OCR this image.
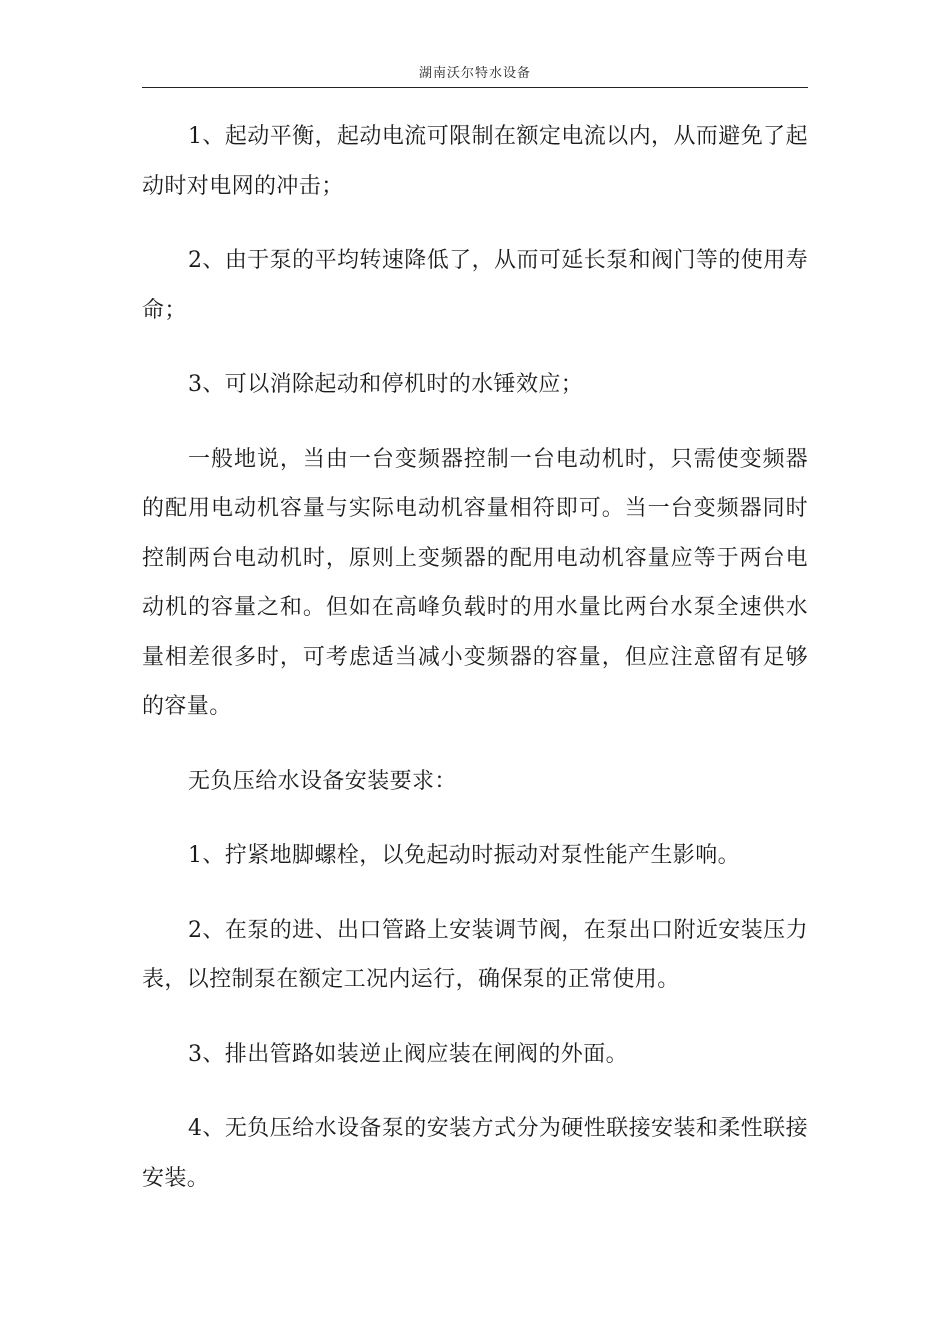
湖南沃尔特水设备

1、起动平衡，起动电流可限制在额定电流以内，从而避免了起动时对电网的冲击；

2、由于泵的平均转速降低了，从而可延长泵和阀门等的使用寿命；

3、可以消除起动和停机时的水锤效应；

一般地说，当由一台变频器控制一台电动机时，只需使变频器的配用电动机容量与实际电动机容量相符即可。当一台变频器同时控制两台电动机时，原则上变频器的配用电动机容量应等于两台电动机的容量之和。但如在高峰负载时的用水量比两台水泵全速供水量相差很多时，可考虑适当减小变频器的容量，但应注意留有足够的容量。

无负压给水设备安装要求：

1、拧紧地脚螺栓，以免起动时振动对泵性能产生影响。

2、在泵的进、出口管路上安装调节阀，在泵出口附近安装压力表，以控制泵在额定工况内运行，确保泵的正常使用。

3、排出管路如装逆止阀应装在闸阀的外面。

4、无负压给水设备泵的安装方式分为硬性联接安装和柔性联接安装。
